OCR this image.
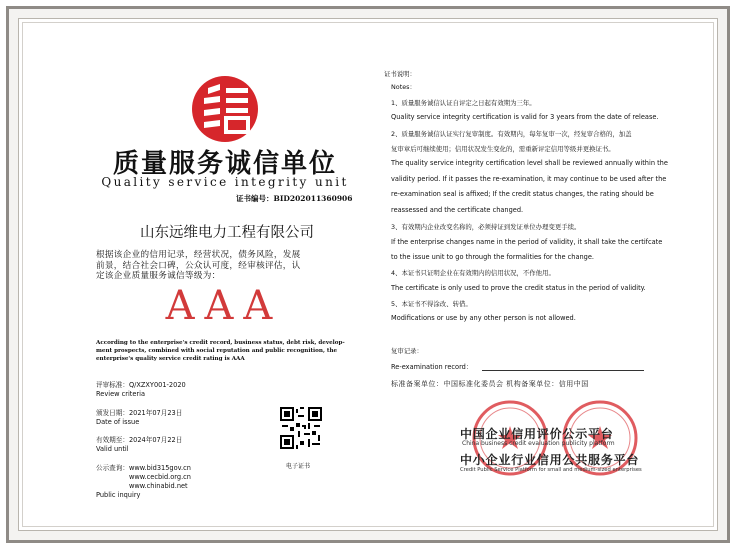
质量服务诚信单位
Quality service integrity unit
证书编号：BID202011360906
山东远维电力工程有限公司
根据该企业的信用记录，经营状况，债务风险，发展
前景，结合社会口碑，公众认可度，经审核评估，认
定该企业质量服务诚信等级为：
AAA
According to the enterprise's credit record, business status, debt risk, develop-
ment prospects, combined with social reputation and public recognition, the
enterprise's quality service credit rating is AAA
评审标准：Q/XZXY001-2020
Review criteria
颁发日期：2021年07月23日
Date of issue
有效期至：2024年07月22日
Valid until
公示查询：www.bid315gov.cn
www.cecbid.org.cn
www.chinabid.net
Public inquiry
电子证书
证书说明：
Notes：
1、质量服务诚信认证自评定之日起有效期为三年。
Quality service integrity certification is valid for 3 years from the date of release.
2、质量服务诚信认证实行复审制度。有效期内，每年复审一次，经复审合格的，加盖
复审章后可继续使用；信用状况发生变化的，需重新评定信用等级并更换证书。
The quality service integrity certification level shall be reviewed annually within the
validity period. If it passes the re-examination, it may continue to be used after the
re-examination seal is affixed; If the credit status changes, the rating should be
reassessed and the certificate changed.
3、有效期内企业改变名称的，必须持证到发证单位办理变更手续。
If the enterprise changes name in the period of validity, it shall take the certifcate
to the issue unit to go through the formalities for the change.
4、本证书只证明企业在有效期内的信用状况，不作他用。
The certificate is only used to prove the credit status in the period of validity.
5、本证书不得涂改、转借。
Modifications or use by any other person is not allowed.
复审记录：
Re-examination record：
标准备案单位：中国标准化委员会 机构备案单位：信用中国
中国企业信用评价公示平台
China business credit evaluation publicity platform
中小企业行业信用公共服务平台
Credit Public Service Platform for small and medium-sized enterprises
